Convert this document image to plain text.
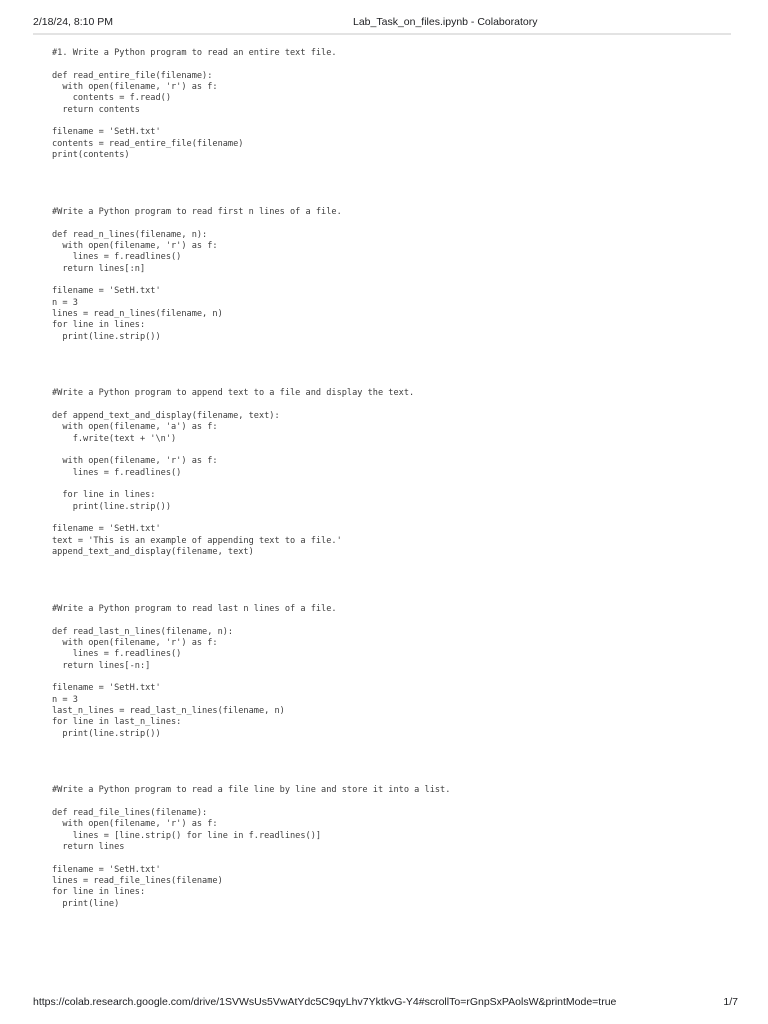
2/18/24, 8:10 PM	Lab_Task_on_files.ipynb - Colaboratory
#1. Write a Python program to read an entire text file.
def read_entire_file(filename):
with open(filename, 'r') as f:
contents = f.read()
return contents
filename = 'SetH.txt'
contents = read_entire_file(filename)
print(contents)
#Write a Python program to read first n lines of a file.
def read_n_lines(filename, n):
with open(filename, 'r') as f:
lines = f.readlines()
return lines[:n]
filename = 'SetH.txt'
n = 3
lines = read_n_lines(filename, n)
for line in lines:
print(line.strip())
#Write a Python program to append text to a file and display the text.
def append_text_and_display(filename, text):
with open(filename, 'a') as f:
f.write(text + '\n')
with open(filename, 'r') as f:
lines = f.readlines()
for line in lines:
print(line.strip())
filename = 'SetH.txt'
text = 'This is an example of appending text to a file.'
append_text_and_display(filename, text)
#Write a Python program to read last n lines of a file.
def read_last_n_lines(filename, n):
with open(filename, 'r') as f:
lines = f.readlines()
return lines[-n:]
filename = 'SetH.txt'
n = 3
last_n_lines = read_last_n_lines(filename, n)
for line in last_n_lines:
print(line.strip())
#Write a Python program to read a file line by line and store it into a list.
def read_file_lines(filename):
with open(filename, 'r') as f:
lines = [line.strip() for line in f.readlines()]
return lines
filename = 'SetH.txt'
lines = read_file_lines(filename)
for line in lines:
print(line)
https://colab.research.google.com/drive/1SVWsUs5VwAtYdc5C9qyLhv7YktkvG-Y4#scrollTo=rGnpSxPAolsW&printMode=true	1/7
